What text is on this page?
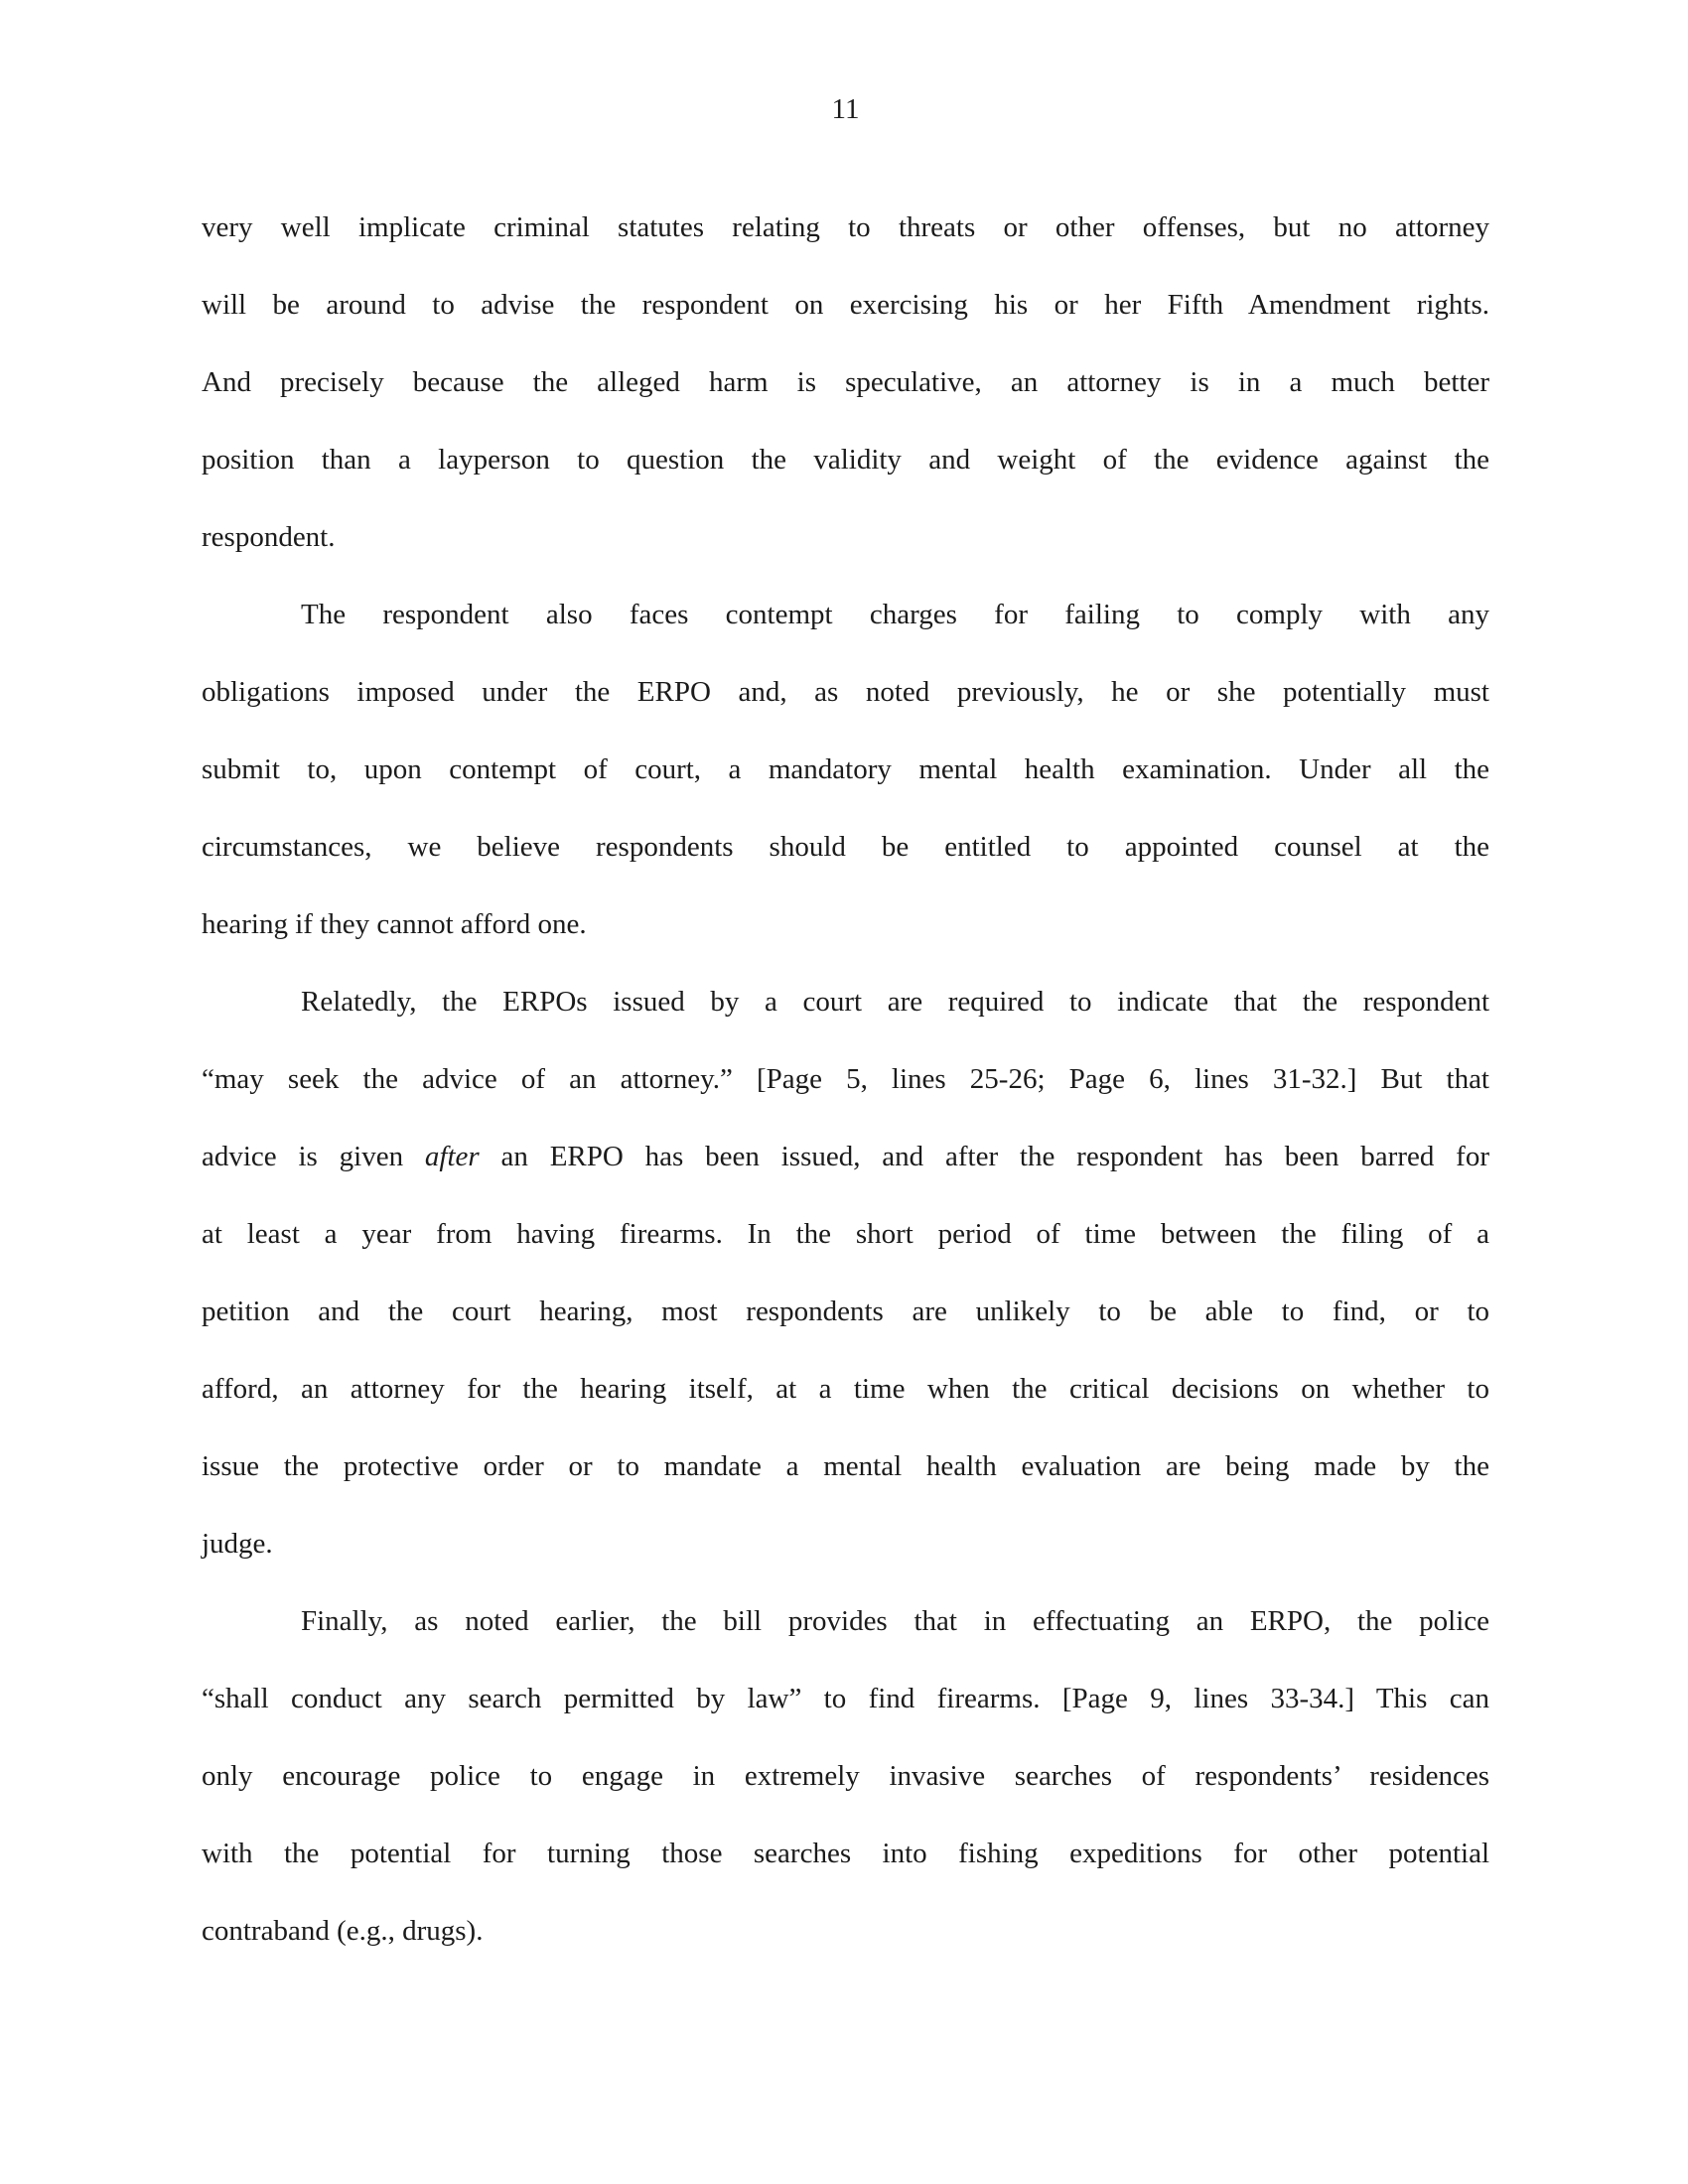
11
very well implicate criminal statutes relating to threats or other offenses, but no attorney
will be around to advise the respondent on exercising his or her Fifth Amendment rights.
And precisely because the alleged harm is speculative, an attorney is in a much better
position than a layperson to question the validity and weight of the evidence against the
respondent.
The respondent also faces contempt charges for failing to comply with any
obligations imposed under the ERPO and, as noted previously, he or she potentially must
submit to, upon contempt of court, a mandatory mental health examination. Under all the
circumstances, we believe respondents should be entitled to appointed counsel at the
hearing if they cannot afford one.
Relatedly, the ERPOs issued by a court are required to indicate that the respondent
“may seek the advice of an attorney.” [Page 5, lines 25-26; Page 6, lines 31-32.] But that
advice is given after an ERPO has been issued, and after the respondent has been barred for
at least a year from having firearms. In the short period of time between the filing of a
petition and the court hearing, most respondents are unlikely to be able to find, or to
afford, an attorney for the hearing itself, at a time when the critical decisions on whether to
issue the protective order or to mandate a mental health evaluation are being made by the
judge.
Finally, as noted earlier, the bill provides that in effectuating an ERPO, the police
“shall conduct any search permitted by law” to find firearms. [Page 9, lines 33-34.] This can
only encourage police to engage in extremely invasive searches of respondents’ residences
with the potential for turning those searches into fishing expeditions for other potential
contraband (e.g., drugs).
